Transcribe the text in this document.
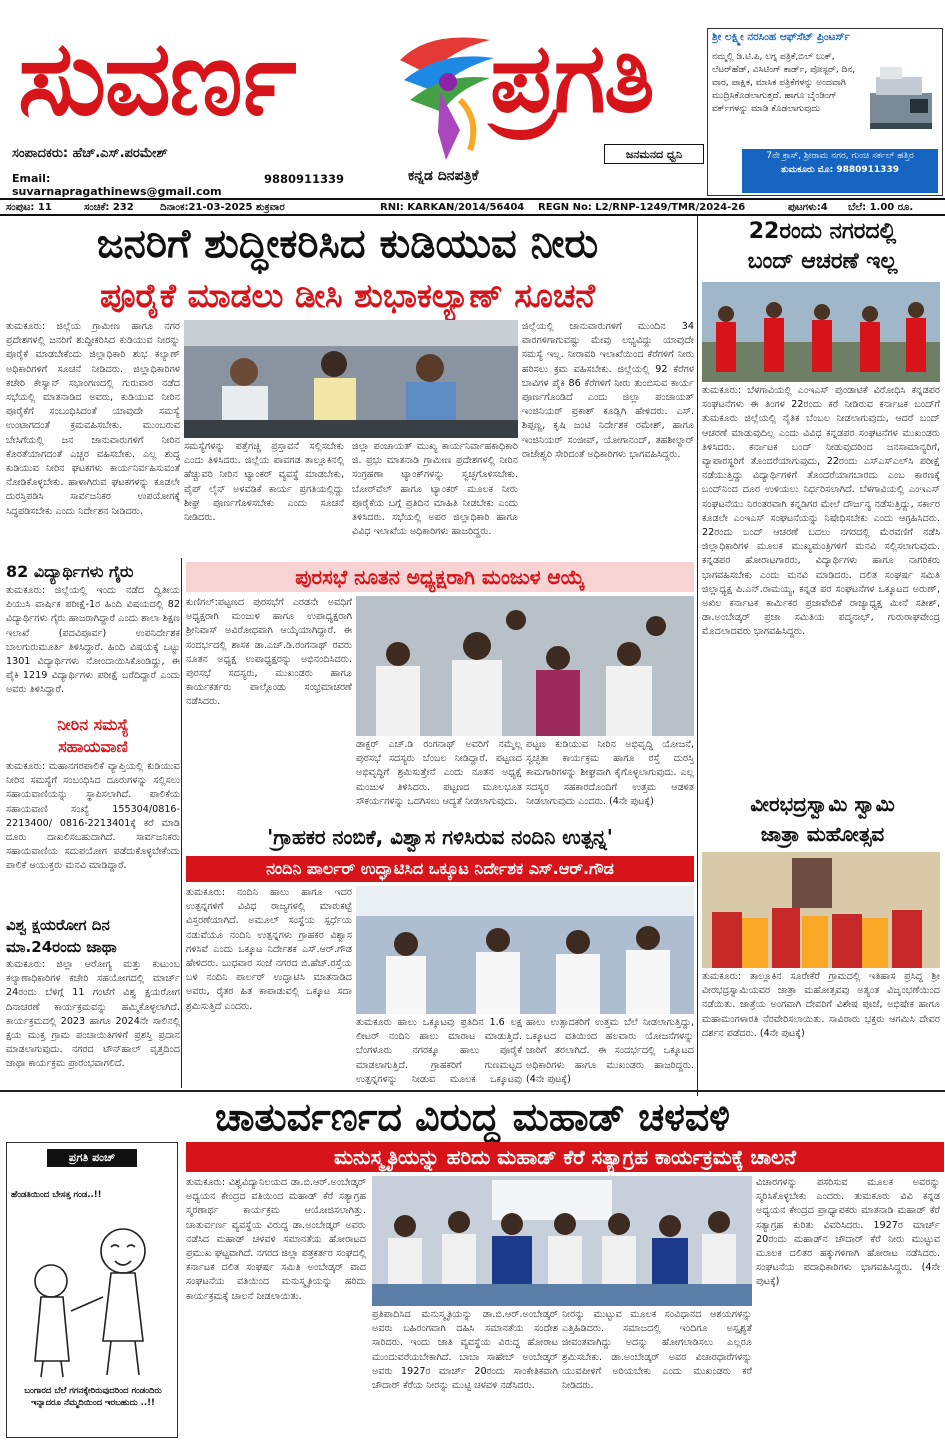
ಸುವರ್ಣ	ಪ್ರಗತಿ
ಸಂಪಾದಕರು: ಹೆಚ್.ಎಸ್.ಪರಮೇಶ್	ಜನಮನದ ಧ್ವನಿ
Email: suvarnapragathinews@gmail.com
9880911339	ಕನ್ನಡ ದಿನಪತ್ರಿಕೆ
ಶ್ರೀ ಲಕ್ಷ್ಮೀ ನರಸಿಂಹ ಆಫ್‌ಸೆಟ್ ಪ್ರಿಂಟರ್ಸ್
ನಮ್ಮಲ್ಲಿ ಡಿ.ಟಿ.ಪಿ, ಲಗ್ನ ಪತ್ರಿಕೆ,ಬಿಲ್ ಬುಕ್, ಲೆಟರ್‌ಹೆಡ್, ವಿಸಿಟಿಂಗ್ ಕಾರ್ಡ್, ಪೋಸ್ಟರ್, ದಿನ, ವಾರ, ಪಾಕ್ಷಿಕ, ಮಾಸಿಕ ಪತ್ರಿಕೆಗಳನ್ನು ಅಂದವಾಗಿ ಮುದ್ರಿಸಿಕೊಡಲಾಗುತ್ತದೆ. ಹಾಗೂ ಬೈಂಡಿಂಗ್ ವರ್ಕ್‌ಗಳನ್ನು ಮಾಡಿ ಕೊಡಲಾಗುವುದು
7ನೇ ಕ್ರಾಸ್, ಶ್ರೀರಾಮ ನಗರ, ಗುಂಚಿ ಸರ್ಕಲ್ ಹತ್ತಿರ
ತುಮಕೂರು ಮೊ: 9880911339
ಸಂಪುಟ: 11	ಸಂಚಿಕೆ: 232	ದಿನಾಂಕ:21-03-2025 ಶುಕ್ರವಾರ	RNI: KARKAN/2014/56404 REGN No: L2/RNP-1249/TMR/2024-26	ಪುಟಗಳು:4 ಬೆಲೆ: 1.00 ರೂ.
ಜನರಿಗೆ ಶುದ್ಧೀಕರಿಸಿದ ಕುಡಿಯುವ ನೀರು
ಪೂರೈಕೆ ಮಾಡಲು ಡೀಸಿ ಶುಭಾಕಲ್ಯಾಣ್ ಸೂಚನೆ
ತುಮಕೂರು: ಜಿಲ್ಲೆಯ ಗ್ರಾಮೀಣ ಹಾಗೂ ನಗರ ಪ್ರದೇಶಗಳಲ್ಲಿ ಜನರಿಗೆ ಶುದ್ಧೀಕರಿಸಿದ ಕುಡಿಯುವ ನೀರನ್ನು ಪೂರೈಕೆ ಮಾಡಬೇಕೆಂದು ಜಿಲ್ಲಾಧಿಕಾರಿ ಶುಭ ಕಲ್ಯಾಣ್ ಅಧಿಕಾರಿಗಳಿಗೆ ಸೂಚನೆ ನೀಡಿದರು. ಜಿಲ್ಲಾಧಿಕಾರಿಗಳ ಕಚೇರಿ ಕೇಸ್ವಾನ್ ಸಭಾಂಗಣದಲ್ಲಿ ಗುರುವಾರ ನಡೆದ ಸಭೆಯಲ್ಲಿ ಮಾತನಾಡಿದ ಅವರು, ಕುಡಿಯುವ ನೀರಿನ ಪೂರೈಕೆಗೆ ಸಂಬಂಧಿಸಿದಂತೆ ಯಾವುದೇ ಸಮಸ್ಯೆ ಉಂಟಾಗದಂತೆ ಕ್ರಮವಹಿಸಬೇಕು. ಮುಂಬರುವ ಬೇಸಿಗೆಯಲ್ಲಿ ಜನ ಜಾನುವಾರುಗಳಿಗೆ ನೀರಿನ ಕೊರತೆಯಾಗದಂತೆ ಎಚ್ಚರ ವಹಿಸಬೇಕು. ಎಲ್ಲ ಶುದ್ಧ ಕುಡಿಯುವ ನೀರಿನ ಘಟಕಗಳು ಕಾರ್ಯನಿರ್ವಹಿಸುವಂತೆ ನೋಡಿಕೊಳ್ಳಬೇಕು. ಹಾಳಾಗಿರುವ ಘಟಕಗಳನ್ನು ಕೂಡಲೇ ದುರಸ್ತಿಪಡಿಸಿ ಸಾರ್ವಜನಿಕರ ಉಪಯೋಗಕ್ಕೆ ಸಿದ್ಧಪಡಿಸಬೇಕು ಎಂದು ನಿರ್ದೇಶನ ನೀಡಿದರು.
ಸಮಸ್ಯೆಗಳನ್ನು ಪತ್ತೆಗಚ್ಚಿ ಪ್ರಸ್ತಾವನೆ ಸಲ್ಲಿಸಬೇಕು ಎಂದು ತಿಳಿಸಿದರು. ಜಿಲ್ಲೆಯ ಪಾವಗಡ ತಾಲ್ಲೂಕಿನಲ್ಲಿ ಹೆಚ್ಚುವರಿ ನೀರಿನ ಟ್ಯಾಂಕರ್ ವ್ಯವಸ್ಥೆ ಮಾಡಬೇಕು, ಪೈಪ್ ಲೈನ್ ಅಳವಡಿಕೆ ಕಾರ್ಯ ಪ್ರಗತಿಯಲ್ಲಿದ್ದು ಶೀಘ್ರ ಪೂರ್ಣಗೊಳಿಸಬೇಕು ಎಂದು ಸೂಚನೆ ನೀಡಿದರು.
ಜಿಲ್ಲಾ ಪಂಚಾಯತ್ ಮುಖ್ಯ ಕಾರ್ಯನಿರ್ವಾಹಕಾಧಿಕಾರಿ ಜಿ. ಪ್ರಭು ಮಾತನಾಡಿ ಗ್ರಾಮೀಣ ಪ್ರದೇಶಗಳಲ್ಲಿ ನೀರಿನ ಸಂಗ್ರಹಣಾ ಟ್ಯಾಂಕ್‌ಗಳನ್ನು ಸ್ವಚ್ಛಗೊಳಿಸಬೇಕು. ಬೋರ್‌ವೆಲ್ ಹಾಗೂ ಟ್ಯಾಂಕರ್ ಮೂಲಕ ನೀರು ಪೂರೈಕೆಯ ಬಗ್ಗೆ ಪ್ರತಿದಿನ ಮಾಹಿತಿ ನೀಡಬೇಕು ಎಂದು ತಿಳಿಸಿದರು. ಸಭೆಯಲ್ಲಿ ಅಪರ ಜಿಲ್ಲಾಧಿಕಾರಿ ಹಾಗೂ ವಿವಿಧ ಇಲಾಖೆಯ ಅಧಿಕಾರಿಗಳು ಹಾಜರಿದ್ದರು.
ಜಿಲ್ಲೆಯಲ್ಲಿ ಜಾನುವಾರುಗಳಿಗೆ ಮುಂದಿನ 34 ವಾರಗಳಿಗಾಗುವಷ್ಟು ಮೇವು ಲಭ್ಯವಿದ್ದು ಯಾವುದೇ ಸಮಸ್ಯೆ ಇಲ್ಲ. ನೀರಾವರಿ ಇಲಾಖೆಯಿಂದ ಕೆರೆಗಳಿಗೆ ನೀರು ಹರಿಸಲು ಕ್ರಮ ವಹಿಸಬೇಕು. ಜಿಲ್ಲೆಯಲ್ಲಿ 92 ಕೆರೆಗಳ ಬಾವಿಗಳ ಪೈಕಿ 86 ಕೆರೆಗಳಿಗೆ ನೀರು ತುಂಬಿಸುವ ಕಾರ್ಯ ಪೂರ್ಣಗೊಂಡಿದೆ ಎಂದು ಜಿಲ್ಲಾ ಪಂಚಾಯತ್ ಇಂಜಿನಿಯರ್ ಪ್ರಕಾಶ್ ಕೂಡ್ಲಿಗಿ ಹೇಳಿದರು. ಎಸ್. ಶಿಪ್ಪಣ್ಣ, ಕೃಷಿ ಜಂಟಿ ನಿರ್ದೇಶಕ ರಮೇಶ್, ಹಾಗೂ ಇಂಜಿನಿಯರ್ ಸಂಜೀವ್, ಯೋಗಾನಂದ್, ತಹಶೀಲ್ದಾರ್ ರಾಜೇಶ್ವರಿ ಸೇರಿದಂತೆ ಅಧಿಕಾರಿಗಳು ಭಾಗವಹಿಸಿದ್ದರು.
22ರಂದು ನಗರದಲ್ಲಿ
ಬಂದ್ ಆಚರಣೆ ಇಲ್ಲ
ತುಮಕೂರು: ಬೆಳಗಾವಿಯಲ್ಲಿ ಎಂಇಎಸ್ ಪುಂಡಾಟಿಕೆ ವಿರೋಧಿಸಿ ಕನ್ನಡಪರ ಸಂಘಟನೆಗಳು ಈ ತಿಂಗಳ 22ರಂದು ಕರೆ ನೀಡಿರುವ ಕರ್ನಾಟಕ ಬಂದ್‌ಗೆ ತುಮಕೂರು ಜಿಲ್ಲೆಯಲ್ಲಿ ನೈತಿಕ ಬೆಂಬಲ ನೀಡಲಾಗುವುದು, ಆದರೆ ಬಂದ್ ಆಚರಣೆ ಮಾಡುವುದಿಲ್ಲ ಎಂದು ವಿವಿಧ ಕನ್ನಡಪರ ಸಂಘಟನೆಗಳ ಮುಖಂಡರು ತಿಳಿಸಿದರು. ಕರ್ನಾಟಕ ಬಂದ್‌ ನೀಡುವುದರಿಂದ ಜನಸಾಮಾನ್ಯರಿಗೆ, ವ್ಯಾಪಾರಸ್ಥರಿಗೆ ತೊಂದರೆಯಾಗುವುದು, 22ರಂದು ಎಸ್‌ಎಸ್‌ಎಲ್‌ಸಿ ಪರೀಕ್ಷೆ ನಡೆಯುತ್ತಿದ್ದು ವಿದ್ಯಾರ್ಥಿಗಳಿಗೆ ತೊಂದರೆಯಾಗಬಾರದು ಎಂಬ ಕಾರಣಕ್ಕೆ ಬಂದ್‌ನಿಂದ ದೂರ ಉಳಿಯಲು ನಿರ್ಧರಿಸಲಾಗಿದೆ. ಬೆಳಗಾವಿಯಲ್ಲಿ ಎಂಇಎಸ್ ಸಂಘಟನೆಯು ನಿರಂತರವಾಗಿ ಕನ್ನಡಿಗರ ಮೇಲೆ ದೌರ್ಜನ್ಯ ನಡೆಸುತ್ತಿದ್ದು, ಸರ್ಕಾರ ಕೂಡಲೇ ಎಂಇಎಸ್ ಸಂಘಟನೆಯನ್ನು ನಿಷೇಧಿಸಬೇಕು ಎಂದು ಆಗ್ರಹಿಸಿದರು. 22ರಂದು ಬಂದ್ ಆಚರಣೆ ಬದಲು ನಗರದಲ್ಲಿ ಮೆರವಣಿಗೆ ನಡೆಸಿ ಜಿಲ್ಲಾಧಿಕಾರಿಗಳ ಮೂಲಕ ಮುಖ್ಯಮಂತ್ರಿಗಳಿಗೆ ಮನವಿ ಸಲ್ಲಿಸಲಾಗುವುದು. ಕನ್ನಡಪರ ಹೋರಾಟಗಾರರು, ವಿದ್ಯಾರ್ಥಿಗಳು ಹಾಗೂ ನಾಗರಿಕರು ಭಾಗವಹಿಸಬೇಕು ಎಂದು ಮನವಿ ಮಾಡಿದರು. ದಲಿತ ಸಂಘರ್ಷ ಸಮಿತಿ ಜಿಲ್ಲಾಧ್ಯಕ್ಷ ಪಿ.ಎನ್.ರಾಮಯ್ಯ, ಕನ್ನಡ ಪರ ಸಂಘಟನೆಗಳ ಒಕ್ಕೂಟದ ಅರುಣ್, ಅಖಿಲ ಕರ್ನಾಟಕ ಕಾರ್ಮಿಕರ ಪ್ರಜಾವೇದಿಕೆ ರಾಜ್ಯಾಧ್ಯಕ್ಷ ಮೀನೆ ಸತೀಶ್, ಡಾ.ಅಂಬೇಡ್ಕರ್ ಪ್ರಜಾ ಸಮಿತಿಯ ಪದ್ಮನಾಭ್, ಗುರುರಾಘವೇಂದ್ರ ಮೊದಲಾದವರು ಭಾಗವಹಿಸಿದ್ದರು.
82 ವಿದ್ಯಾರ್ಥಿಗಳು ಗೈರು
ತುಮಕೂರು: ಜಿಲ್ಲೆಯಲ್ಲಿ ಇಂದು ನಡೆದ ದ್ವಿತೀಯ ಪಿಯುಸಿ ವಾರ್ಷಿಕ ಪರೀಕ್ಷೆ-1ರ ಹಿಂದಿ ವಿಷಯದಲ್ಲಿ 82 ವಿದ್ಯಾರ್ಥಿಗಳು ಗೈರು ಹಾಜರಾಗಿದ್ದಾರೆ ಎಂದು ಶಾಲಾ ಶಿಕ್ಷಣ ಇಲಾಖೆ (ಪದವಿಪೂರ್ವ) ಉಪನಿರ್ದೇಶಕ ಬಾಲಗುರುಮೂರ್ತಿ ತಿಳಿಸಿದ್ದಾರೆ. ಹಿಂದಿ ವಿಷಯಕ್ಕೆ ಒಟ್ಟು 1301 ವಿದ್ಯಾರ್ಥಿಗಳು ನೋಂದಾಯಿಸಿಕೊಂಡಿದ್ದು, ಈ ಪೈಕಿ 1219 ವಿದ್ಯಾರ್ಥಿಗಳು ಪರೀಕ್ಷೆ ಬರೆದಿದ್ದಾರೆ ಎಂದು ಅವರು ತಿಳಿಸಿದ್ದಾರೆ.
ನೀರಿನ ಸಮಸ್ಯೆ
ಸಹಾಯವಾಣಿ
ತುಮಕೂರು: ಮಹಾನಗರಪಾಲಿಕೆ ವ್ಯಾಪ್ತಿಯಲ್ಲಿ ಕುಡಿಯುವ ನೀರಿನ ಸಮಸ್ಯೆಗೆ ಸಂಬಂಧಿಸಿದ ದೂರುಗಳನ್ನು ಸಲ್ಲಿಸಲು ಸಹಾಯವಾಣಿಯನ್ನು ಸ್ಥಾಪಿಸಲಾಗಿದೆ. ಪಾಲಿಕೆಯ ಸಹಾಯವಾಣಿ ಸಂಖ್ಯೆ 155304/0816-2213400/ 0816-2213401ಕ್ಕೆ ಕರೆ ಮಾಡಿ ದೂರು ದಾಖಲಿಸಬಹುದಾಗಿದೆ. ಸಾರ್ವಜನಿಕರು ಸಹಾಯವಾಣಿಯ ಸದುಪಯೋಗ ಪಡೆದುಕೊಳ್ಳಬೇಕೆಂದು ಪಾಲಿಕೆ ಆಯುಕ್ತರು ಮನವಿ ಮಾಡಿದ್ದಾರೆ.
ವಿಶ್ವ ಕ್ಷಯರೋಗ ದಿನ
ಮಾ.24ರಂದು ಜಾಥಾ
ತುಮಕೂರು: ಜಿಲ್ಲಾ ಆರೋಗ್ಯ ಮತ್ತು ಕುಟುಂಬ ಕಲ್ಯಾಣಾಧಿಕಾರಿಗಳ ಕಚೇರಿ ಸಹಯೋಗದಲ್ಲಿ ಮಾರ್ಚ್ 24ರಂದು ಬೆಳಿಗ್ಗೆ 11 ಗಂಟೆಗೆ ವಿಶ್ವ ಕ್ಷಯರೋಗ ದಿನಾಚರಣೆ ಕಾರ್ಯಕ್ರಮವನ್ನು ಹಮ್ಮಿಕೊಳ್ಳಲಾಗಿದೆ. ಕಾರ್ಯಕ್ರಮದಲ್ಲಿ 2023 ಹಾಗೂ 2024ನೇ ಸಾಲಿನಲ್ಲಿ ಕ್ಷಯ ಮುಕ್ತ ಗ್ರಾಮ ಪಂಚಾಯಿತಿಗಳಿಗೆ ಪ್ರಶಸ್ತಿ ಪ್ರದಾನ ಮಾಡಲಾಗುವುದು. ನಗರದ ಟೌನ್‌ಹಾಲ್ ವೃತ್ತದಿಂದ ಜಾಥಾ ಕಾರ್ಯಕ್ರಮ ಪ್ರಾರಂಭವಾಗಲಿದೆ.
ಪುರಸಭೆ ನೂತನ ಅಧ್ಯಕ್ಷರಾಗಿ ಮಂಜುಳ ಆಯ್ಕೆ
ಕುಣಿಗಲ್:ಪಟ್ಟಣದ ಪುರಸಭೆಗೆ ಎರಡನೇ ಅವಧಿಗೆ ಅಧ್ಯಕ್ಷರಾಗಿ ಮಂಜುಳ ಹಾಗೂ ಉಪಾಧ್ಯಕ್ಷರಾಗಿ ಶ್ರೀನಿವಾಸ್ ಅವಿರೋಧವಾಗಿ ಆಯ್ಕೆಯಾಗಿದ್ದಾರೆ. ಈ ಸಂದರ್ಭದಲ್ಲಿ ಶಾಸಕ ಡಾ.ಎಚ್.ಡಿ.ರಂಗನಾಥ್ ರವರು ನೂತನ ಅಧ್ಯಕ್ಷ ಉಪಾಧ್ಯಕ್ಷರನ್ನು ಅಭಿನಂದಿಸಿದರು. ಪುರಸಭೆ ಸದಸ್ಯರು, ಮುಖಂಡರು ಹಾಗೂ ಕಾರ್ಯಕರ್ತರು ಪಾಲ್ಗೊಂಡು ಸಂಭ್ರಮಾಚರಣೆ ನಡೆಸಿದರು.
ಡಾಕ್ಟರ್ ಎಚ್.ಡಿ ರಂಗನಾಥ್ ಅವರಿಗೆ ನಮ್ಮೆಲ್ಲ ಪುರಸಭೆ ಸದಸ್ಯರು ಬೆಂಬಲ ನೀಡಿದ್ದಾರೆ. ಪಟ್ಟಣದ ಅಭಿವೃದ್ಧಿಗೆ ಶ್ರಮಿಸುತ್ತೇನೆ ಎಂದು ನೂತನ ಅಧ್ಯಕ್ಷೆ ಮಂಜುಳ ತಿಳಿಸಿದರು. ಪಟ್ಟಣದ ಮೂಲಭೂತ ಸೌಕರ್ಯಗಳನ್ನು ಒದಗಿಸಲು ಆದ್ಯತೆ ನೀಡಲಾಗುವುದು.
ಪಟ್ಟಣ ಕುಡಿಯುವ ನೀರಿನ ಅಭಿವೃದ್ಧಿ ಯೋಜನೆ, ಸ್ವಚ್ಛತಾ ಕಾರ್ಯಕ್ರಮ ಹಾಗೂ ರಸ್ತೆ ದುರಸ್ತಿ ಕಾಮಗಾರಿಗಳನ್ನು ಶೀಘ್ರವಾಗಿ ಕೈಗೊಳ್ಳಲಾಗುವುದು. ಎಲ್ಲ ಸದಸ್ಯರ ಸಹಕಾರದೊಂದಿಗೆ ಉತ್ತಮ ಆಡಳಿತ ನೀಡಲಾಗುವುದು ಎಂದರು. (4ನೇ ಪುಟಕ್ಕೆ)	ವೀರಭದ್ರಸ್ವಾಮಿ ಸ್ವಾಮಿ
ಜಾತ್ರಾ ಮಹೋತ್ಸವ
ತುಮಕೂರು: ತಾಲ್ಲೂಕಿನ ಸೂರೇಕೆರೆ ಗ್ರಾಮದಲ್ಲಿ ಇತಿಹಾಸ ಪ್ರಸಿದ್ಧ ಶ್ರೀ ವೀರಭದ್ರಸ್ವಾಮಿಯವರ ಜಾತ್ರಾ ಮಹೋತ್ಸವವು ಅತ್ಯಂತ ವಿಜೃಂಭಣೆಯಿಂದ ನಡೆಯಿತು. ಜಾತ್ರೆಯ ಅಂಗವಾಗಿ ದೇವರಿಗೆ ವಿಶೇಷ ಪೂಜೆ, ಅಭಿಷೇಕ ಹಾಗೂ ಮಹಾಮಂಗಳಾರತಿ ನೆರವೇರಿಸಲಾಯಿತು. ಸಾವಿರಾರು ಭಕ್ತರು ಆಗಮಿಸಿ ದೇವರ ದರ್ಶನ ಪಡೆದರು. (4ನೇ ಪುಟಕ್ಕೆ)
'ಗ್ರಾಹಕರ ನಂಬಿಕೆ, ವಿಶ್ವಾಸ ಗಳಿಸಿರುವ ನಂದಿನಿ ಉತ್ಪನ್ನ'
ನಂದಿನಿ ಪಾರ್ಲರ್ ಉದ್ಘಾಟಿಸಿದ ಒಕ್ಕೂಟ ನಿರ್ದೇಶಕ ಎಸ್.ಆರ್.ಗೌಡ
ತುಮಕೂರು: ನಂದಿನಿ ಹಾಲು ಹಾಗೂ ಇದರ ಉತ್ಪನ್ನಗಳಿಗೆ ವಿವಿಧ ರಾಜ್ಯಗಳಲ್ಲಿ ಮಾರುಕಟ್ಟೆ ವಿಸ್ತರಣೆಯಾಗಿದೆ. ಅಮೂಲ್ ಸಂಸ್ಥೆಯ ಸ್ಪರ್ಧೆಯ ನಡುವೆಯೂ ನಂದಿನಿ ಉತ್ಪನ್ನಗಳು ಗ್ರಾಹಕರ ವಿಶ್ವಾಸ ಗಳಿಸಿವೆ ಎಂದು ಒಕ್ಕೂಟ ನಿರ್ದೇಶಕ ಎಸ್.ಆರ್.ಗೌಡ ಹೇಳಿದರು. ಬುಧವಾರ ಸಂಜೆ ನಗರದ ಬಿ.ಹೆಚ್.ರಸ್ತೆಯ ಬಳಿ ನಂದಿನಿ ಪಾರ್ಲರ್ ಉದ್ಘಾಟಿಸಿ ಮಾತನಾಡಿದ ಅವರು, ರೈತರ ಹಿತ ಕಾಪಾಡುವಲ್ಲಿ ಒಕ್ಕೂಟ ಸದಾ ಶ್ರಮಿಸುತ್ತಿದೆ ಎಂದರು.
ತುಮಕೂರು ಹಾಲು ಒಕ್ಕೂಟವು ಪ್ರತಿದಿನ 1.6 ಲಕ್ಷ ಲೀಟರ್ ನಂದಿನಿ ಹಾಲು ಮಾರಾಟ ಮಾಡುತ್ತಿದೆ. ಬೆಂಗಳೂರು ನಗರಕ್ಕೂ ಹಾಲು ಪೂರೈಕೆ ಮಾಡಲಾಗುತ್ತಿದೆ. ಗ್ರಾಹಕರಿಗೆ ಗುಣಮಟ್ಟದ ಉತ್ಪನ್ನಗಳನ್ನು ನೀಡುವ ಮೂಲಕ ಒಕ್ಕೂಟವು
ಹಾಲು ಉತ್ಪಾದಕರಿಗೆ ಉತ್ತಮ ಬೆಲೆ ನೀಡಲಾಗುತ್ತಿದ್ದು, ಒಕ್ಕೂಟದ ವತಿಯಿಂದ ಹಲವಾರು ಯೋಜನೆಗಳನ್ನು ಜಾರಿಗೆ ತರಲಾಗಿದೆ. ಈ ಸಂದರ್ಭದಲ್ಲಿ ಒಕ್ಕೂಟದ ಅಧಿಕಾರಿಗಳು ಹಾಗೂ ಮುಖಂಡರು ಹಾಜರಿದ್ದರು. (4ನೇ ಪುಟಕ್ಕೆ)
ಚಾತುರ್ವರ್ಣದ ವಿರುದ್ಧ ಮಹಾಡ್ ಚಳವಳಿ
ಮನುಸ್ಮೃತಿಯನ್ನು ಹರಿದು ಮಹಾಡ್ ಕೆರೆ ಸತ್ಯಾಗ್ರಹ ಕಾರ್ಯಕ್ರಮಕ್ಕೆ ಚಾಲನೆ
ಪ್ರಗತಿ ಪಂಚ್
ಹೆಂಡತಿಯಿಂದ ಬೇಸತ್ತ ಗಂಡ..!!
ಬಂಗಾರದ ಬೆಲೆ ಗಗನಕ್ಕೇರಿರುವುದರಿಂದ ಗಂಡಂದಿರು ಇನ್ನಾದರೂ ನೆಮ್ಮದಿಯಿಂದ ಇರಬಹುದು ..!!
ತುಮಕೂರು: ವಿಶ್ವವಿದ್ಯಾನಿಲಯದ ಡಾ.ಬಿ.ಆರ್.ಅಂಬೇಡ್ಕರ್ ಅಧ್ಯಯನ ಕೇಂದ್ರದ ವತಿಯಿಂದ ಮಹಾಡ್ ಕೆರೆ ಸತ್ಯಾಗ್ರಹ ಸ್ಮರಣಾರ್ಥ ಕಾರ್ಯಕ್ರಮ ಆಯೋಜಿಸಲಾಗಿತ್ತು. ಚಾತುರ್ವರ್ಣ ವ್ಯವಸ್ಥೆಯ ವಿರುದ್ಧ ಡಾ.ಅಂಬೇಡ್ಕರ್ ಅವರು ನಡೆಸಿದ ಮಹಾಡ್ ಚಳವಳಿ ಸಮಾನತೆಯ ಹೋರಾಟದ ಪ್ರಮುಖ ಘಟ್ಟವಾಗಿದೆ. ನಗರದ ಜಿಲ್ಲಾ ಪತ್ರಕರ್ತರ ಸಂಘದಲ್ಲಿ ಕರ್ನಾಟಕ ದಲಿತ ಸಂಘರ್ಷ ಸಮಿತಿ ಅಂಬೇಡ್ಕರ್ ವಾದ ಸಂಘಟನೆಯ ವತಿಯಿಂದ ಮನುಸ್ಮೃತಿಯನ್ನು ಹರಿದು ಕಾರ್ಯಕ್ರಮಕ್ಕೆ ಚಾಲನೆ ನೀಡಲಾಯಿತು.
ಪ್ರತಿಪಾದಿಸಿದ ಮನುಸ್ಮೃತಿಯನ್ನು ಡಾ.ಬಿ.ಆರ್.ಅಂಬೇಡ್ಕರ್ ಅವರು ಬಹಿರಂಗವಾಗಿ ದಹಿಸಿ ಸಮಾನತೆಯ ಸಂದೇಶ ಸಾರಿದರು. ಇಂದು ಜಾತಿ ವ್ಯವಸ್ಥೆಯ ವಿರುದ್ಧ ಹೋರಾಟ ಮುಂದುವರೆಯಬೇಕಾಗಿದೆ. ಬಾಬಾ ಸಾಹೇಬ್ ಅಂಬೇಡ್ಕರ್ ಅವರು 1927ರ ಮಾರ್ಚ್ 20ರಂದು ಸಾಂಕೇತಿಕವಾಗಿ ಚೌದಾರ್ ಕೆರೆಯ ನೀರನ್ನು ಮುಟ್ಟಿ ಚಳವಳಿ ನಡೆಸಿದರು.
ನೀರನ್ನು ಮುಟ್ಟುವ ಮೂಲಕ ಸಂವಿಧಾನದ ಆಶಯಗಳನ್ನು ಎತ್ತಿಹಿಡಿದರು. ಸಮಾಜದಲ್ಲಿ ಇಂದಿಗೂ ಅಸ್ಪೃಶ್ಯತೆ ಜೀವಂತವಾಗಿದ್ದು ಅದನ್ನು ಹೋಗಲಾಡಿಸಲು ಎಲ್ಲರೂ ಶ್ರಮಿಸಬೇಕು. ಡಾ.ಅಂಬೇಡ್ಕರ್ ಅವರ ವಿಚಾರಧಾರೆಗಳನ್ನು ಯುವಪೀಳಿಗೆ ಅರಿಯಬೇಕು ಎಂದು ಮುಖಂಡರು ಕರೆ ನೀಡಿದರು.
ವಿಚಾರಗಳನ್ನು ಪಸರಿಸುವ ಮೂಲಕ ಅವರನ್ನು ಸ್ಮರಿಸಿಕೊಳ್ಳಬೇಕು ಎಂದರು. ತುಮಕೂರು ವಿವಿ ಕನ್ನಡ ಅಧ್ಯಯನ ಕೇಂದ್ರದ ಪ್ರಾಧ್ಯಾಪಕರು ಮಾತನಾಡಿ ಮಹಾಡ್ ಕೆರೆ ಸತ್ಯಾಗ್ರಹ ಕುರಿತು ವಿವರಿಸಿದರು. 1927ರ ಮಾರ್ಚ್ 20ರಂದು ಮಹಾಡ್‌ನ ಚೌದಾರ್ ಕೆರೆ ನೀರು ಮುಟ್ಟುವ ಮೂಲಕ ದಲಿತರ ಹಕ್ಕುಗಳಿಗಾಗಿ ಹೋರಾಟ ನಡೆಸಿದರು. ಸಂಘಟನೆಯ ಪದಾಧಿಕಾರಿಗಳು ಭಾಗವಹಿಸಿದ್ದರು. (4ನೇ ಪುಟಕ್ಕೆ)
